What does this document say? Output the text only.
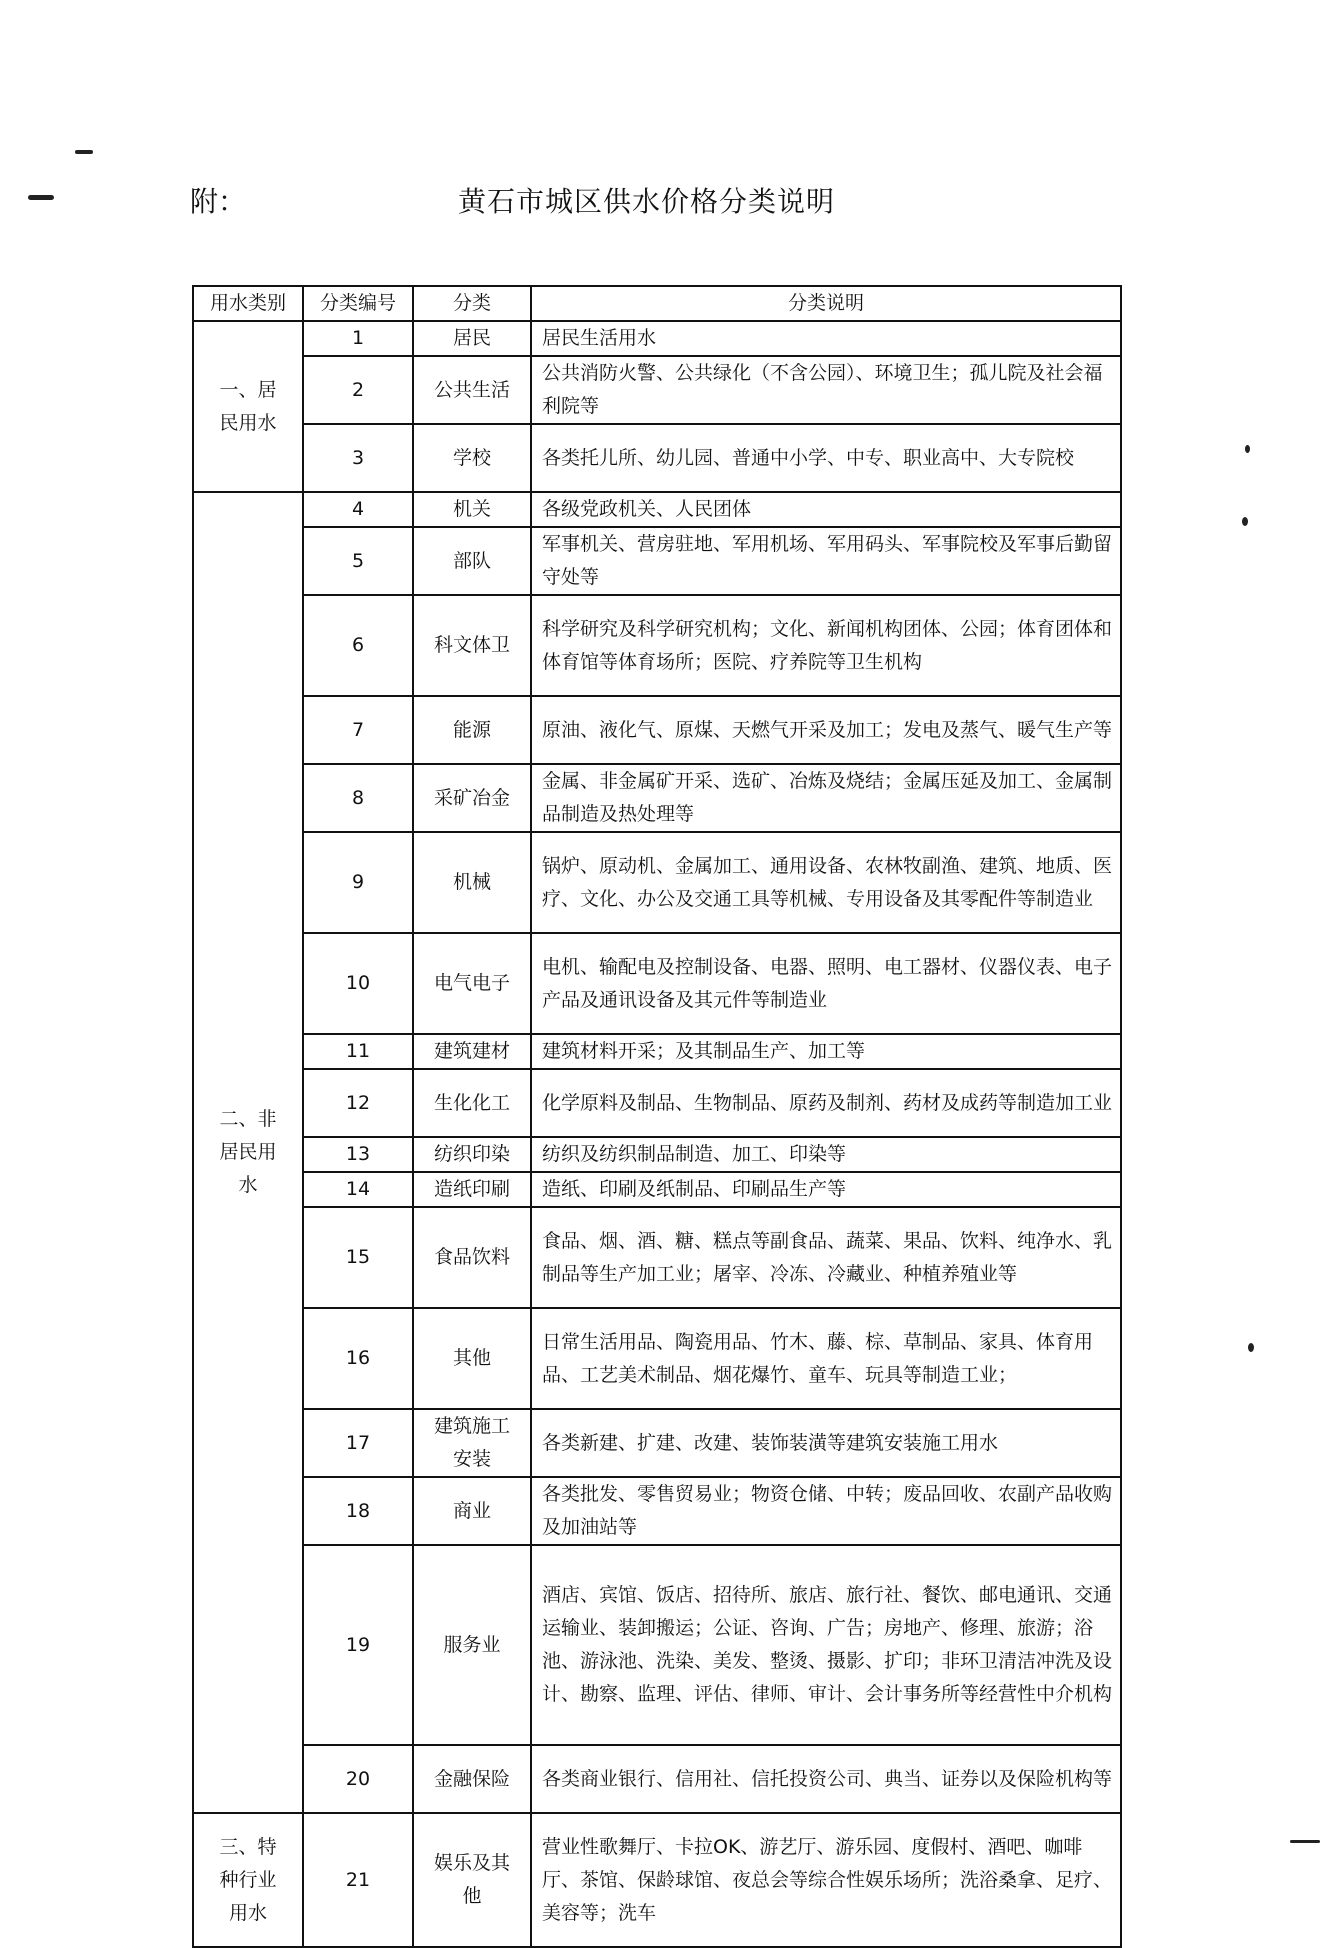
附：	黄石市城区供水价格分类说明
用水类别	分类编号	分类	分类说明
一、居民用水	1	居民	居民生活用水
	2	公共生活	公共消防火警、公共绿化（不含公园）、环境卫生；孤儿院及社会福利院等
	3	学校	各类托儿所、幼儿园、普通中小学、中专、职业高中、大专院校
二、非居民用水	4	机关	各级党政机关、人民团体
	5	部队	军事机关、营房驻地、军用机场、军用码头、军事院校及军事后勤留守处等
	6	科文体卫	科学研究及科学研究机构；文化、新闻机构团体、公园；体育团体和体育馆等体育场所；医院、疗养院等卫生机构
	7	能源	原油、液化气、原煤、天燃气开采及加工；发电及蒸气、暖气生产等
	8	采矿冶金	金属、非金属矿开采、选矿、冶炼及烧结；金属压延及加工、金属制品制造及热处理等
	9	机械	锅炉、原动机、金属加工、通用设备、农林牧副渔、建筑、地质、医疗、文化、办公及交通工具等机械、专用设备及其零配件等制造业
	10	电气电子	电机、输配电及控制设备、电器、照明、电工器材、仪器仪表、电子产品及通讯设备及其元件等制造业
	11	建筑建材	建筑材料开采；及其制品生产、加工等
	12	生化化工	化学原料及制品、生物制品、原药及制剂、药材及成药等制造加工业
	13	纺织印染	纺织及纺织制品制造、加工、印染等
	14	造纸印刷	造纸、印刷及纸制品、印刷品生产等
	15	食品饮料	食品、烟、酒、糖、糕点等副食品、蔬菜、果品、饮料、纯净水、乳制品等生产加工业；屠宰、冷冻、冷藏业、种植养殖业等
	16	其他	日常生活用品、陶瓷用品、竹木、藤、棕、草制品、家具、体育用品、工艺美术制品、烟花爆竹、童车、玩具等制造工业；
	17	建筑施工安装	各类新建、扩建、改建、装饰装潢等建筑安装施工用水
	18	商业	各类批发、零售贸易业；物资仓储、中转；废品回收、农副产品收购及加油站等
	19	服务业	酒店、宾馆、饭店、招待所、旅店、旅行社、餐饮、邮电通讯、交通运输业、装卸搬运；公证、咨询、广告；房地产、修理、旅游；浴池、游泳池、洗染、美发、整烫、摄影、扩印；非环卫清洁冲洗及设计、勘察、监理、评估、律师、审计、会计事务所等经营性中介机构
	20	金融保险	各类商业银行、信用社、信托投资公司、典当、证券以及保险机构等
三、特种行业用水	21	娱乐及其他	营业性歌舞厅、卡拉OK、游艺厅、游乐园、度假村、酒吧、咖啡厅、茶馆、保龄球馆、夜总会等综合性娱乐场所；洗浴桑拿、足疗、美容等；洗车
